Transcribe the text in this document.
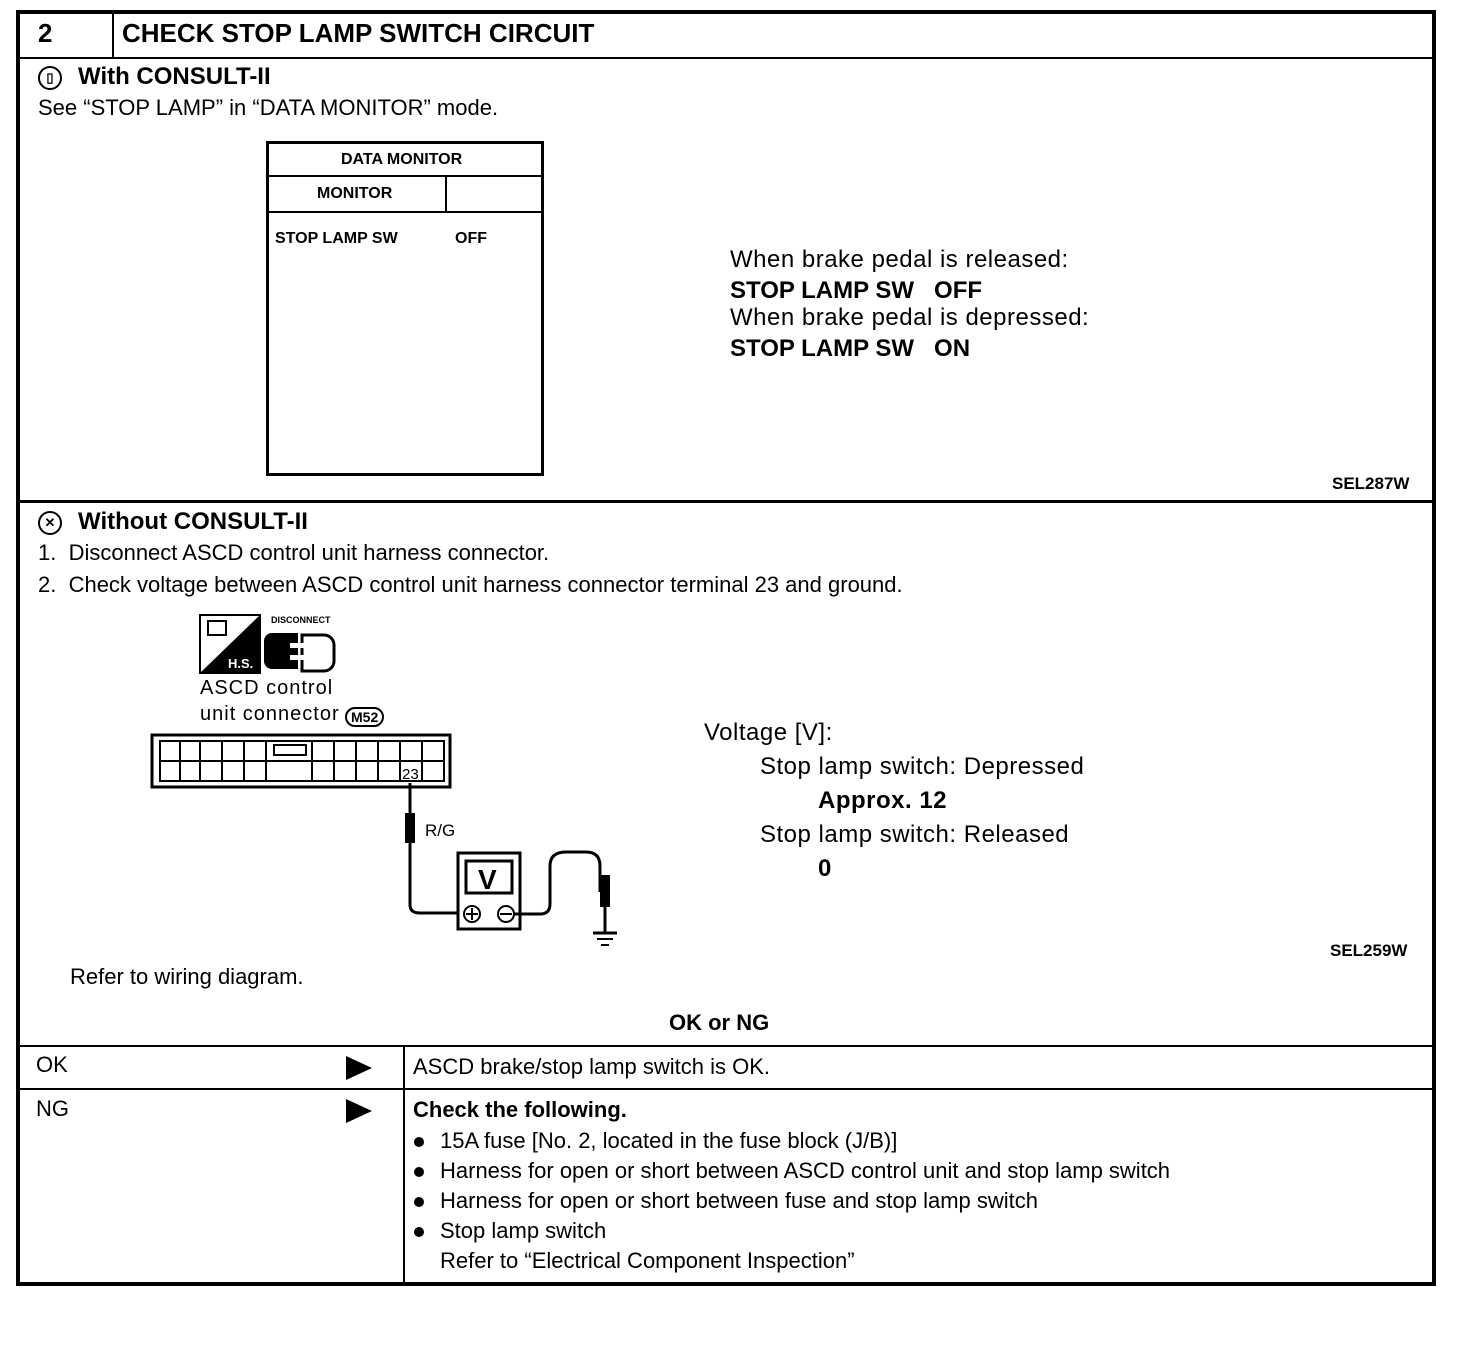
2	CHECK STOP LAMP SWITCH CIRCUIT
▯	With CONSULT-II
See “STOP LAMP” in “DATA MONITOR” mode.
DATA MONITOR
MONITOR
STOP LAMP SW	OFF
When brake pedal is released:
STOP LAMP SW   OFF
When brake pedal is depressed:
STOP LAMP SW   ON
SEL287W
✕ Without CONSULT-II
1.  Disconnect ASCD control unit harness connector.
2.  Check voltage between ASCD control unit harness connector terminal 23 and ground.
H.S.
DISCONNECT
23
R/G
V
ASCD control
unit connector M52
Voltage [V]:
Stop lamp switch: Depressed
Approx. 12
Stop lamp switch: Released
0
SEL259W
Refer to wiring diagram.
OK or NG
OK	ASCD brake/stop lamp switch is OK.
NG	Check the following.
15A fuse [No. 2, located in the fuse block (J/B)]
Harness for open or short between ASCD control unit and stop lamp switch
Harness for open or short between fuse and stop lamp switch
Stop lamp switch
Refer to “Electrical Component Inspection”
